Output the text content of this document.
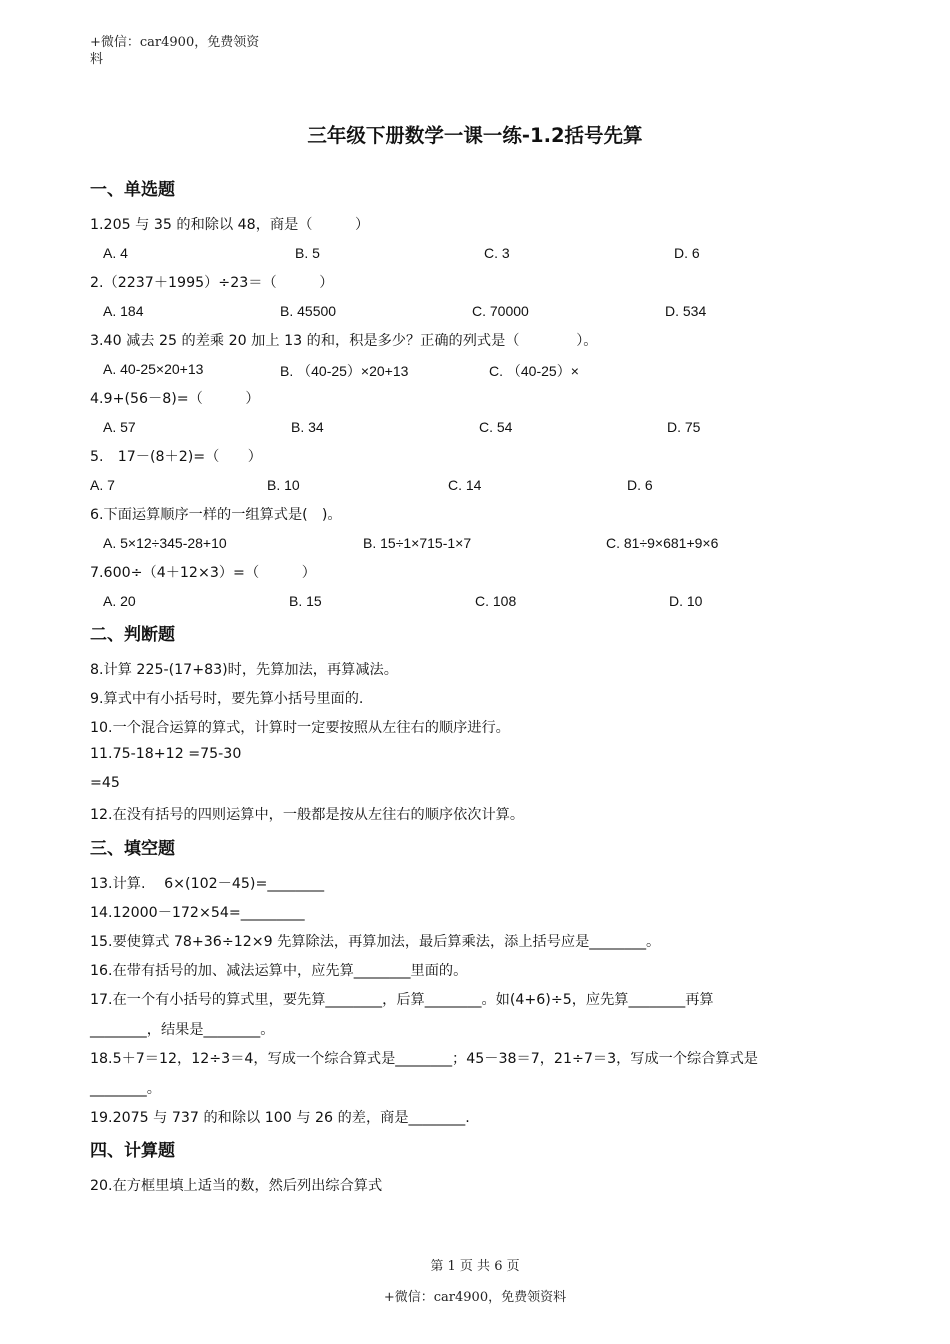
+微信：car4900，免费领资
料
三年级下册数学一课一练-1.2括号先算
一、单选题
1.205 与 35 的和除以 48，商是（　　　）
A. 4	B. 5	C. 3	D. 6
2.（2237＋1995）÷23＝（　　　）
A. 184	B. 45500	C. 70000	D. 534
3.40 减去 25 的差乘 20 加上 13 的和，积是多少？正确的列式是（　　　　）。
A. 40-25×20+13	B. （40-25）×20+13	C. （40-25）×
4.9+(56－8)=（　　　）
A. 57	B. 34	C. 54	D. 75
5.　17－(8＋2)=（　　）
A. 7	B. 10	C. 14	D. 6
6.下面运算顺序一样的一组算式是(　)。
A. 5×12÷345-28+10	B. 15÷1×715-1×7	C. 81÷9×681+9×6
7.600÷（4＋12×3）=（　　　）
A. 20	B. 15	C. 108	D. 10
二、判断题
8.计算 225-(17+83)时，先算加法，再算减法。
9.算式中有小括号时，要先算小括号里面的.
10.一个混合运算的算式，计算时一定要按照从左往右的顺序进行。
11.75-18+12 =75-30
=45
12.在没有括号的四则运算中，一般都是按从左往右的顺序依次计算。
三、填空题
13.计算.　 6×(102－45)=________
14.12000－172×54=_________
15.要使算式 78+36÷12×9 先算除法，再算加法，最后算乘法，添上括号应是________。
16.在带有括号的加、减法运算中，应先算________里面的。
17.在一个有小括号的算式里，要先算________，后算________。如(4+6)÷5，应先算________再算
________，结果是________。
18.5＋7＝12，12÷3＝4，写成一个综合算式是________；45－38＝7，21÷7＝3，写成一个综合算式是
________。
19.2075 与 737 的和除以 100 与 26 的差，商是________.
四、计算题
20.在方框里填上适当的数，然后列出综合算式
第 1 页 共 6 页
+微信：car4900，免费领资料
